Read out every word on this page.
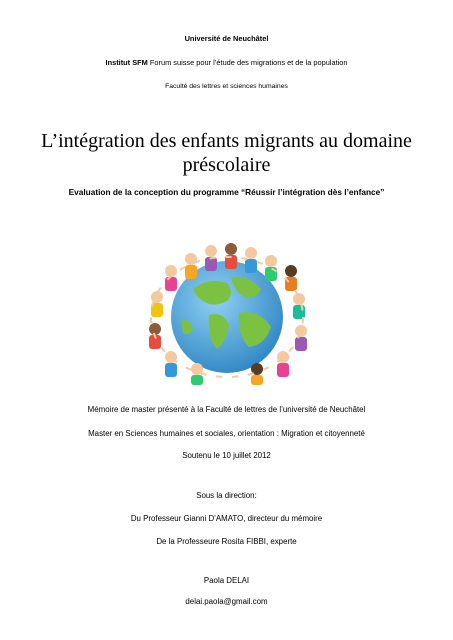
Université de Neuchâtel
Institut SFM Forum suisse pour l’étude des migrations et de la population
Faculté des lettres et sciences humaines
L’intégration des enfants migrants au domaine préscolaire
Evaluation de la conception du programme “Réussir l’intégration dès l’enfance”
Mémoire de master présenté à la Faculté de lettres de l’université de Neuchâtel
Master en Sciences humaines et sociales, orientation : Migration et citoyenneté
Soutenu le 10 juillet 2012
Sous la direction:
Du Professeur Gianni D’AMATO, directeur du mémoire
De la Professeure Rosita FIBBI, experte
Paola DELAI
delai.paola@gmail.com
